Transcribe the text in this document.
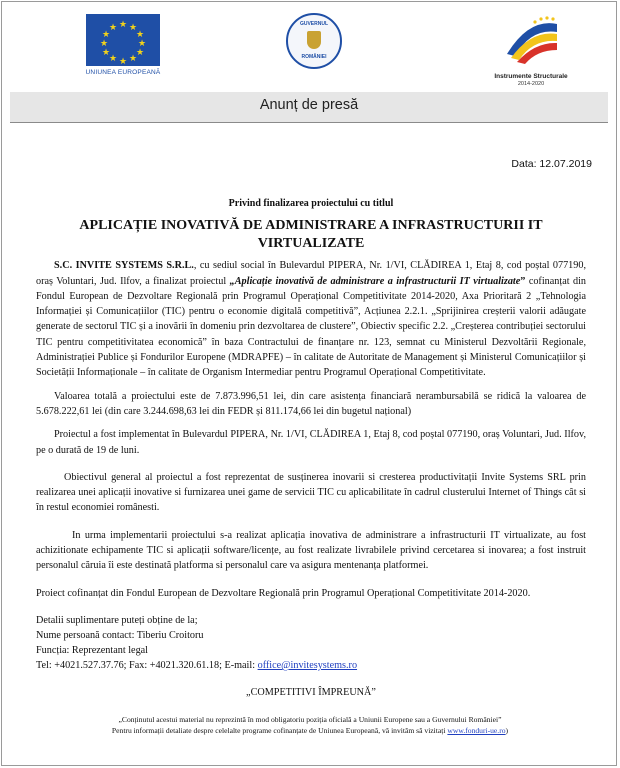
★ ★
★
★
★
★
★
★
★
★
★
★
UNIUNEA EUROPEANĂ
GUVERNUL
ROMÂNIEI
Instrumente Structurale
2014-2020
Anunț de presă
Data: 12.07.2019
Privind finalizarea proiectului cu titlul
APLICAȚIE INOVATIVĂ DE ADMINISTRARE A INFRASTRUCTURII IT VIRTUALIZATE

S.C. INVITE SYSTEMS S.R.L., cu sediul social în Bulevardul PIPERA, Nr. 1/VI, CLĂDIREA 1, Etaj 8, cod poștal 077190, oraș Voluntari, Jud. Ilfov, a finalizat proiectul „Aplicație inovativă de administrare a infrastructurii IT virtualizate” cofinanțat din Fondul European de Dezvoltare Regională prin Programul Operațional Competitivitate 2014-2020, Axa Prioritară 2 „Tehnologia Informației și Comunicațiilor (TIC) pentru o economie digitală competitivă”, Acțiunea 2.2.1. „Sprijinirea creșterii valorii adăugate generate de sectorul TIC și a inovării în domeniu prin dezvoltarea de clustere”, Obiectiv specific 2.2. „Creșterea contribuției sectorului TIC pentru competitivitatea economică” în baza Contractului de finanțare nr. 123, semnat cu Ministerul Dezvoltării Regionale, Administrației Publice și Fondurilor Europene (MDRAPFE) – în calitate de Autoritate de Management și Ministerul Comunicațiilor și Societății Informaționale – în calitate de Organism Intermediar pentru Programul Operațional Competitivitate.

Valoarea totală a proiectului este de 7.873.996,51 lei, din care asistența financiară nerambursabilă se ridică la valoarea de 5.678.222,61 lei (din care 3.244.698,63 lei din FEDR și 811.174,66 lei din bugetul național)

Proiectul a fost implementat în Bulevardul PIPERA, Nr. 1/VI, CLĂDIREA 1, Etaj 8, cod poștal 077190, oraș Voluntari, Jud. Ilfov, pe o durată de 19 de luni.

Obiectivul general al proiectul a fost reprezentat de susținerea inovarii si cresterea productivitații Invite Systems SRL prin realizarea unei aplicații inovative si furnizarea unei game de servicii TIC cu aplicabilitate în cadrul clusterului Internet of Things cât si în restul economiei românesti.

In urma implementarii proiectului s-a realizat aplicația inovativa de administrare a infrastructurii IT virtualizate, au fost achizitionate echipamente TIC si aplicații software/licențe, au fost realizate livrabilele privind cercetarea si inovarea; a fost instruit personalul căruia îi este destinată platforma si personalul care va asigura mentenanța platformei.

Proiect cofinanțat din Fondul European de Dezvoltare Regională prin Programul Operațional Competitivitate 2014-2020.

Detalii suplimentare puteți obține de la;
Nume persoană contact: Tiberiu Croitoru
Funcția: Reprezentant legal
Tel: +4021.527.37.76; Fax: +4021.320.61.18; E-mail: office@invitesystems.ro
„COMPETITIVI ÎMPREUNĂ”
„Conținutul acestui material nu reprezintă în mod obligatoriu poziția oficială a Uniunii Europene sau a Guvernului României”
Pentru informații detaliate despre celelalte programe cofinanțate de Uniunea Europeană, vă invităm să vizitați www.fonduri-ue.ro)
